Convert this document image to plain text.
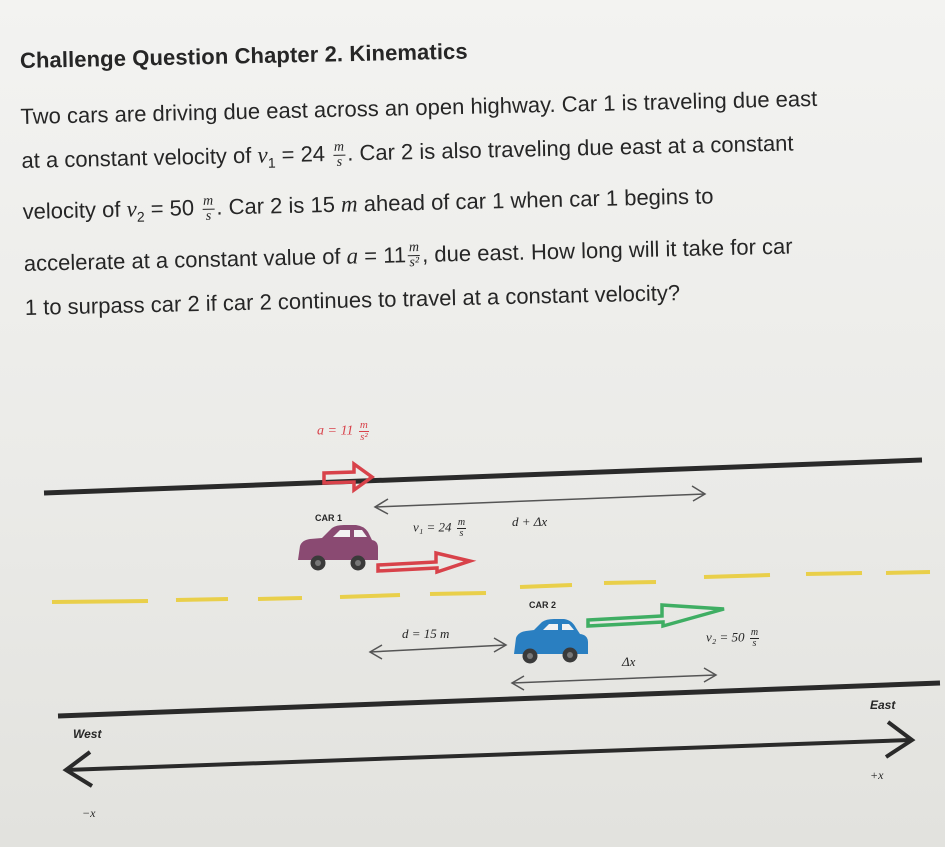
Challenge Question Chapter 2. Kinematics
Two cars are driving due east across an open highway. Car 1 is traveling due east
at a constant velocity of $v_1 = 24 \frac{m}{s}$ . Car 2 is also traveling due east at a constant
velocity of $v_2 = 50 \frac{m}{s}$ . Car 2 is 15 m ahead of car 1 when car 1 begins to
accelerate at a constant value of $a = 11 \frac{m}{\text{s²}}$ , due east. How long will it take for car
1 to surpass car 2 if car 2 continues to travel at a constant velocity?
$a = 11 \frac{m}{\text{s²}}$
CAR 1
$v_1 = 24 \frac{m}{s}$	d + Δx
CAR 2
d = 15 m
Δx
$v_2 = 50 \frac{m}{s}$
West
East
−x
+x
